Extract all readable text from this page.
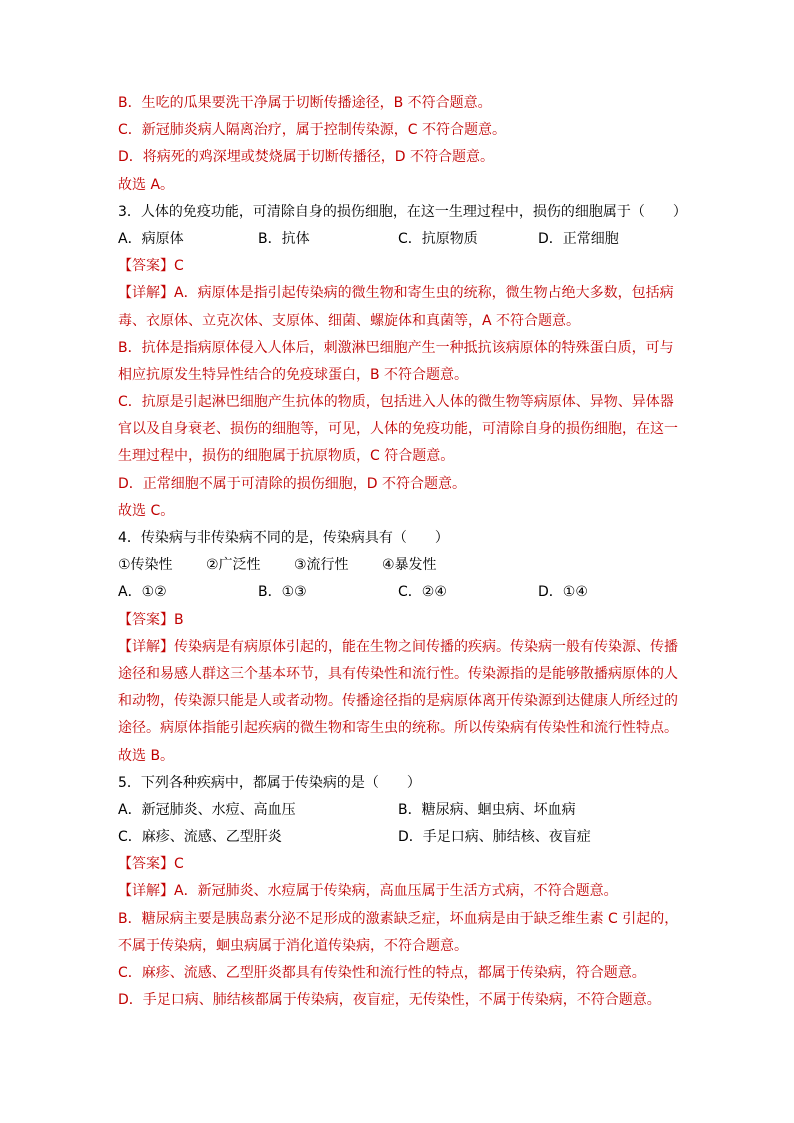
B．生吃的瓜果要洗干净属于切断传播途径，B 不符合题意。
C．新冠肺炎病人隔离治疗，属于控制传染源，C 不符合题意。
D．将病死的鸡深埋或焚烧属于切断传播径，D 不符合题意。
故选 A。
3．人体的免疫功能，可清除自身的损伤细胞，在这一生理过程中，损伤的细胞属于（　　）
A．病原体	B．抗体	C．抗原物质	D．正常细胞
【答案】C
【详解】A．病原体是指引起传染病的微生物和寄生虫的统称，微生物占绝大多数，包括病
毒、衣原体、立克次体、支原体、细菌、螺旋体和真菌等，A 不符合题意。
B．抗体是指病原体侵入人体后，刺激淋巴细胞产生一种抵抗该病原体的特殊蛋白质，可与
相应抗原发生特异性结合的免疫球蛋白，B 不符合题意。
C．抗原是引起淋巴细胞产生抗体的物质，包括进入人体的微生物等病原体、异物、异体器
官以及自身衰老、损伤的细胞等，可见，人体的免疫功能，可清除自身的损伤细胞，在这一
生理过程中，损伤的细胞属于抗原物质，C 符合题意。
D．正常细胞不属于可清除的损伤细胞，D 不符合题意。
故选 C。
4．传染病与非传染病不同的是，传染病具有（　　）
①传染性	②广泛性	③流行性	④暴发性
A．①②	B．①③	C．②④	D．①④
【答案】B
【详解】传染病是有病原体引起的，能在生物之间传播的疾病。传染病一般有传染源、传播
途径和易感人群这三个基本环节，具有传染性和流行性。传染源指的是能够散播病原体的人
和动物，传染源只能是人或者动物。传播途径指的是病原体离开传染源到达健康人所经过的
途径。病原体指能引起疾病的微生物和寄生虫的统称。所以传染病有传染性和流行性特点。
故选 B。
5．下列各种疾病中，都属于传染病的是（　　）
A．新冠肺炎、水痘、高血压	B．糖尿病、蛔虫病、坏血病
C．麻疹、流感、乙型肝炎	D．手足口病、肺结核、夜盲症
【答案】C
【详解】A．新冠肺炎、水痘属于传染病，高血压属于生活方式病，不符合题意。
B．糖尿病主要是胰岛素分泌不足形成的激素缺乏症，坏血病是由于缺乏维生素 C 引起的，
不属于传染病，蛔虫病属于消化道传染病，不符合题意。
C．麻疹、流感、乙型肝炎都具有传染性和流行性的特点，都属于传染病，符合题意。
D．手足口病、肺结核都属于传染病，夜盲症，无传染性，不属于传染病，不符合题意。
